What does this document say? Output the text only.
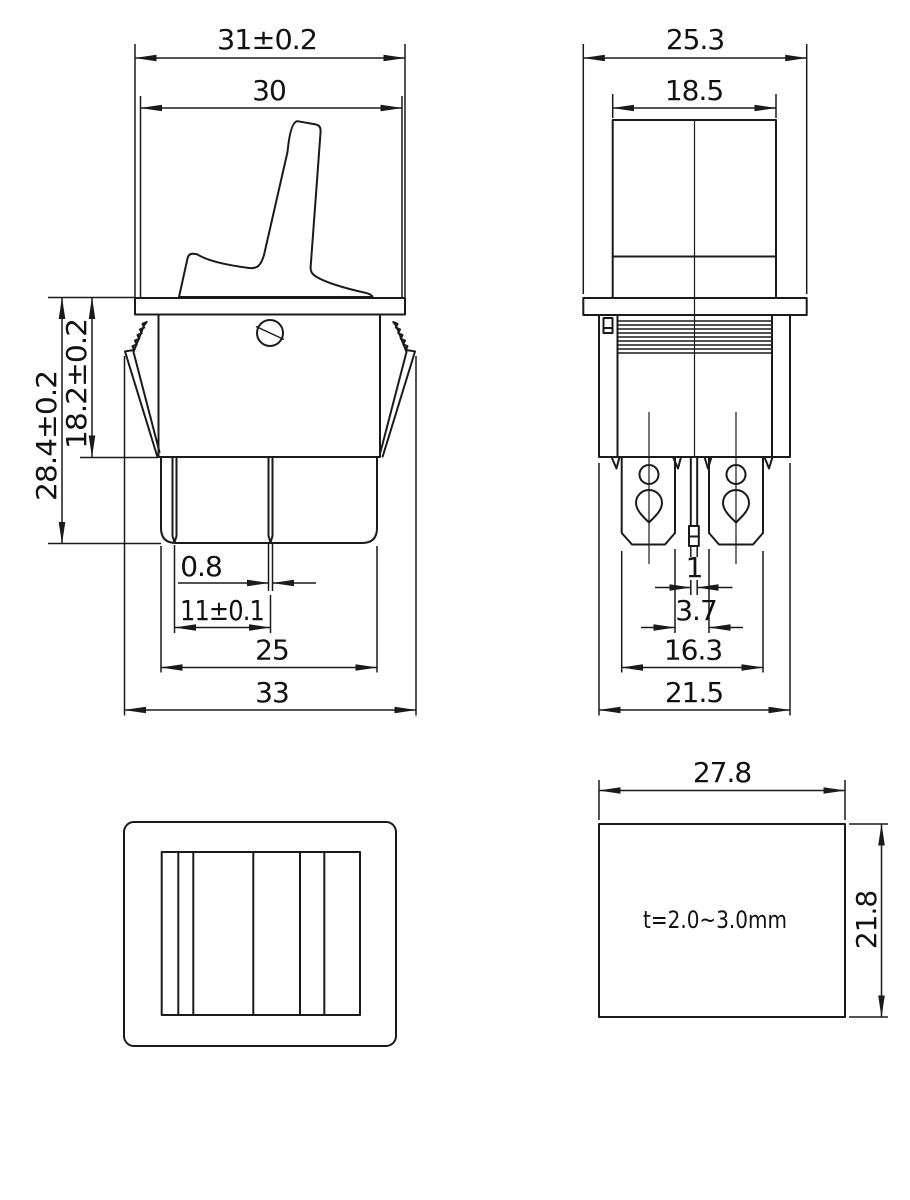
31±0.2
30
28.4±0.2
18.2±0.2
0.8
11±0.1
25
33
25.3
18.5
1
3.7
16.3
21.5
t=2.0~3.0mm
27.8
21.8
